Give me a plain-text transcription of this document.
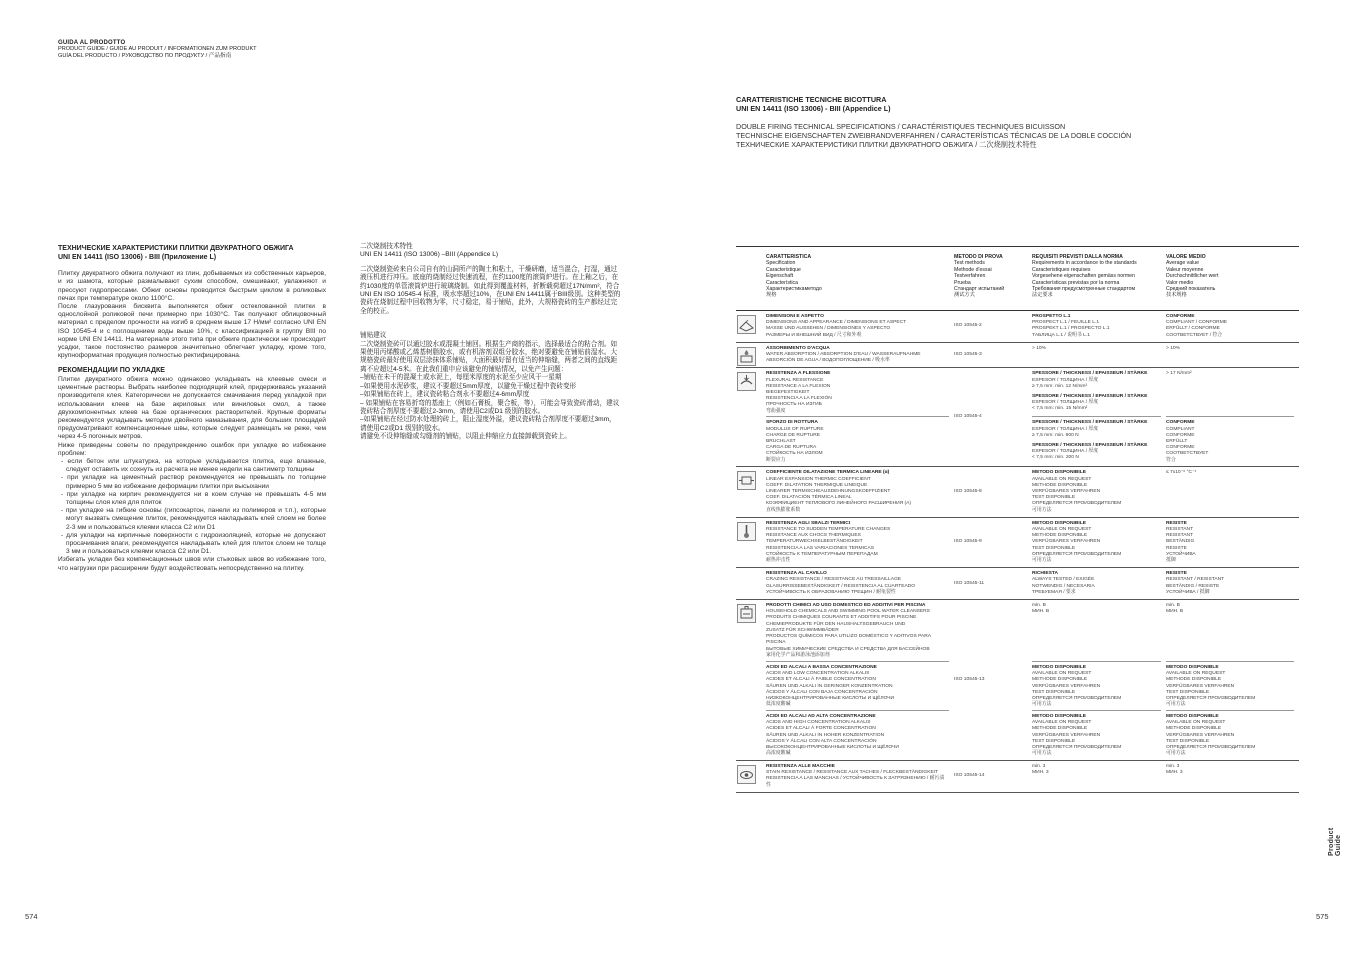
GUIDA AL PRODOTTO
PRODUCT GUIDE / GUIDE AU PRODUIT / INFORMATIONEN ZUM PRODUKT
GUÍA DEL PRODUCTO / РУКОВОДСТВО ПО ПРОДУКТУ / 产品指南
CARATTERISTICHE TECNICHE BICOTTURA
UNI EN 14411 (ISO 13006) - BIII (Appendice L)
DOUBLE FIRING TECHNICAL SPECIFICATIONS / CARACTÉRISTIQUES TECHNIQUES BICUISSON
TECHNISCHE EIGENSCHAFTEN ZWEIBRANDVERFAHREN / CARACTERÍSTICAS TÉCNICAS DE LA DOBLE COCCIÓN
ТЕХНИЧЕСКИЕ ХАРАКТЕРИСТИКИ ПЛИТКИ ДВУКРАТНОГО ОБЖИГА / 二次烧制技术特性
ТЕХНИЧЕСКИЕ ХАРАКТЕРИСТИКИ ПЛИТКИ ДВУКРАТНОГО ОБЖИГА
UNI EN 14411 (ISO 13006) - BIII (Приложение L)
Плитку двукратного обжига получают из глин, добываемых из собственных карьеров, и из шамота, которые размалывают сухим способом, смешивают, увлажняют и прессуют гидропрессами. Обжиг основы проводится быстрым циклом в роликовых печах при температуре около 1100°С.
После глазурования бисквита выполняется обжиг остеклованной плитки в однослойной роликовой печи примерно при 1030°С. Так получают облицовочный материал с пределом прочности на изгиб в среднем выше 17 Н/мм² согласно UNI EN ISO 10545-4 и с поглощением воды выше 10%, с классификацией в группу BIII по норме UNI EN 14411. На материале этого типа при обжиге практически не происходит усадки, такое постоянство размеров значительно облегчает укладку, кроме того, крупноформатная продукция полностью ректифицирована.
РЕКОМЕНДАЦИИ ПО УКЛАДКЕ
Плитки двукратного обжига можно одинаково укладывать на клеевые смеси и цементные растворы. Выбрать наиболее подходящий клей, придерживаясь указаний производителя клея. Категорически не допускается смачивания перед укладкой при использовании клеев на базе акриловых или виниловых смол, а также двухкомпонентных клеев на базе органических растворителей. Крупные форматы рекомендуется укладывать методом двойного намазывания, для больших площадей предусматривают компенсационные швы, которые следует размещать не реже, чем через 4-5 погонных метров.
Ниже приведены советы по предупреждению ошибок при укладке во избежание проблем:
- если бетон или штукатурка, на которые укладывается плитка, еще влажные, следует оставить их сохнуть из расчета не менее недели на сантиметр толщины
- при укладке на цементный раствор рекомендуется не превышать по толщине примерно 5 мм во избежание деформации плитки при высыхании
- при укладке на кирпич рекомендуется ни в коем случае не превышать 4-5 мм толщины слоя клея для плиток
- при укладке на гибкие основы (гипсокартон, панели из полимеров и т.п.), которые могут вызвать смещение плиток, рекомендуется накладывать клей слоем не более 2-3 мм и пользоваться клеями класса С2 или D1
- для укладки на кирпичные поверхности с гидроизоляцией, которые не допускают просачивания влаги, рекомендуется накладывать клей для плиток слоем не толще 3 мм и пользоваться клеями класса С2 или D1.
Избегать укладки без компенсационных швов или стыковых швов во избежание того, что нагрузки при расширении будут воздействовать непосредственно на плитку.
二次烧制技术特性
UNI EN 14411 (ISO 13006) –BIII (Appendice L)
二次烧制瓷砖来自公司自有的山洞所产的陶土和粘土，干燥研磨，适当混合，打湿，通过液压机进行冲压。底座的烧制经过快速流程，在约1100度的滚筒炉进行。在上釉之后，在约1030度的单管滚筒炉进行玻璃烧制。如此得到覆盖材料，折断载荷超过17N/mm²，符合UNI EN ISO 10545-4 标准，吸水率超过10%，在UNI EN 14411属于BIII级别。这种类型的瓷砖在烧制过程中回收物为零，尺寸稳定，易于铺贴，此外，大规格瓷砖的生产都经过完全的校正。
铺贴建议
二次烧制瓷砖可以通过胶水或混凝土铺回。根据生产商的指示，选择最适合的粘合剂。如果使用丙烯酸或乙烯基树脂胶水，或有机溶剂双组分胶水，绝对要避免在铺贴前湿水。大规格瓷砖最好使用双层涂抹体系铺贴，大面积最好留有适当的伸缩缝，两者之间的直线距离不应超过4-5米。在此我们重申应该避免的铺贴情况，以免产生问题：
–铺贴在未干的混凝土或水泥上，每厘米厚度的水泥至少应风干一星期
–如果使用水泥砂浆，建议不要超过5mm厚度，以避免干燥过程中瓷砖变形
–如果铺贴在砖上，建议瓷砖粘合剂永不要超过4-6mm厚度
– 如果铺贴在容易折弯的基座上（例如石膏板，聚合板，等），可能会导致瓷砖滑动，建议瓷砖粘合剂厚度不要超过2-3mm，请使用C2或D1 级别的胶水。
–如果铺贴在经过防水处理的砖上，阻止湿度外溢，建议瓷砖粘合剂厚度不要超过3mm，请使用C2或D1 级别的胶水。
请避免不设伸缩缝或勾缝剂的铺贴，以阻止伸缩应力直接卸载到瓷砖上。
CARATTERISTICA
Specification
Caracteristique
Eigenschaft
Característica
Характеристикаметодо
规格
METODO DI PROVA
Test methods
Methode d'essai
Testverfahren
Prueba
Стандарт испытаний
测试方式
REQUISITI PREVISTI DALLA NORMA
Requirements in accordance to the standards
Caracteristiques requises
Vorgesehene eigenschaften gemäss normen
Características previstas por la norma
Требования предусмотренные стандартом
法定要求
VALORE MEDIO
Average value
Valeur moyenne
Durchschnittlicher wert
Valor medio
Средний показатель
技术规格
DIMENSIONI E ASPETTO
DIMENSIONS AND APPEARANCE / DIMENSIONS ET ASPECT
MASSE UND AUSSEHEN / DIMENSIONES Y ASPECTO
РАЗМЕРЫ И ВНЕШНИЙ ВИД / 尺寸和外观
ISO 10545-2
PROSPETTO L.1
PROSPECT L.1 / FEUILLE L.1
PROSPEKT L.1 / PROSPECTO L.1
ТАБЛИЦА L.1 / 说明书 L.1
CONFORME
COMPLIANT / CONFORME
ERFÜLLT / CONFORME
СООТВЕТСТВУЕТ / 符合
ASSORBIMENTO D'ACQUA
WATER ABSORPTION / ABSORPTION D'EAU / WASSERAUFNAHME
ABSORCIÓN DE AGUA / ВОДОПОГЛОЩЕНИЕ / 吸水率
ISO 10545-3
> 10%	> 10%
RESISTENZA A FLESSIONE
FLEXURAL RESISTANCE
RESISTANCE A LA FLEXION
BIEGEFESTIGKEIT
RESISTENCIA A LA FLEXIÓN
ПРОЧНОСТЬ НА ИЗГИБ
弯曲强度
SFORZO DI ROTTURA
MODULUS OF RUPTURE
CHARGE DE RUPTURE
BRUCHLAST
CARGA DE RUPTURA
СТОЙКОСТЬ НА ИЗЛОМ
断裂应力
ISO 10545-4
SPESSORE / THICKNESS / EPAISSEUR / STÄRKE
ESPESOR / ТОЛЩИНА / 厚度
≥ 7,5 mm: min. 12 N/mm²
SPESSORE / THICKNESS / EPAISSEUR / STÄRKE
ESPESOR / ТОЛЩИНА / 厚度
< 7,5 mm: min. 15 N/mm²
SPESSORE / THICKNESS / EPAISSEUR / STÄRKE
ESPESOR / ТОЛЩИНА / 厚度
≥ 7,5 mm: min. 600 N
SPESSORE / THICKNESS / EPAISSEUR / STÄRKE
ESPESOR / ТОЛЩИНА / 厚度
< 7,5 mm: min. 200 N
> 17 N/mm²
CONFORME
COMPLIANT
CONFORME
ERFÜLLT
CONFORME
СООТВЕТСТВУЕТ
符合
COEFFICIENTE DILATAZIONE TERMICA LINEARE (α)
LINEAR EXPANSION THERMIC COEFFICIENT
COEFF. DILATATION THERMIQUE LINEIQUE
LINEARER TERMISCHEAUSDEHNUNGSKOEFFIZIENT
COEF. DILATACIÓN TÉRMICA LINEAL
КОЭФФИЦИЕНТ ТЕПЛОВОГО ЛИНЕЙНОГО РАСШИРЕНИЯ (Α)
直线热膨胀系数
ISO 10545-8
METODO DISPONIBILE
AVAILABLE ON REQUEST
METHODE DISPONIBLE
VERFÜGBARES VERFAHREN
TEST DISPONIBLE
ОПРЕДЕЛЯЕТСЯ ПРОИЗВОДИТЕЛЕМ
可用方法
≤ 7x10⁻⁶ °C⁻¹
RESISTENZA AGLI SBALZI TERMICI
RESISTANCE TO SUDDEN TEMPERATURE CHANGES
RESISTANCE AUX CHOCS THERMIQUES
TEMPERATURWECHSELBESTÄNDIGKEIT
RESISTENCIA A LAS VARIACIONES TERMICAS
СТОЙКОСТЬ К ТЕМПЕРАТУРНЫМ ПЕРЕПАДАМ
耐热冲击性
ISO 10545-9
METODO DISPONIBILE
AVAILABLE ON REQUEST
METHODE DISPONIBLE
VERFÜGBARES VERFAHREN
TEST DISPONIBLE
ОПРЕДЕЛЯЕТСЯ ПРОИЗВОДИТЕЛЕМ
可用方法
RESISTE
RESISTANT
RESISTANT
BESTÄNDIG
RESISTE
УСТОЙЧИВА
抵御
RESISTENZA AL CAVILLO
CRAZING RESISTANCE / RESISTANCE AU TRESSAILLAGE
GLASURRISSEBESTÄNDIGKEIT / RESISTENCIA AL CUARTEADO
УСТОЙЧИВОСТЬ К ОБРАЗОВАНИЮ ТРЕЩИН / 耐龟裂性
ISO 10545-11
RICHIESTA
ALWAYS TESTED / EXIGÉE
NOTWENDIG / NECESARIA
ТРЕБУЕМАЯ / 要求
RESISTE
RESISTANT / RESISTANT
BESTÄNDIG / RESISTE
УСТОЙЧИВА / 抵御
PRODOTTI CHIMICI AD USO DOMESTICO ED ADDITIVI PER PISCINA
HOUSEHOLD CHEMICALS AND SWIMMING POOL WATER CLEANSERS
PRODUITS CHIMIQUES COURANTS ET ADDITIFS POUR PISCINE
CHEMIEPRODUKTE FÜR DEN HAUSHALTSGEBRAUCH UND
ZUSATZ FÜR SCHWIMMBÄDER
PRODUCTOS QUÍMICOS PARA UTILIZO DOMÉSTICO Y ADITIVOS PARA
PISCINA
БЫТОВЫЕ ХИМИЧЕСКИЕ СРЕДСТВА И СРЕДСТВА ДЛЯ БАССЕЙНОВ
家用化学产品和游泳池添加剂
ACIDI ED ALCALI A BASSA CONCENTRAZIONE
ACIDS AND LOW CONCENTRATION ALKALIS
ACIDES ET ALCALI À FAIBLE CONCENTRATION
SÄUREN UND ALKALI IN GERINGER KONZENTRATION
ÁCIDOS Y ÁLCALI CON BAJA CONCENTRACIÓN
НИЗКОКОНЦЕНТРИРОВАННЫЕ КИСЛОТЫ И ЩЁЛОЧИ
低浓度酸碱
ACIDI ED ALCALI AD ALTA CONCENTRAZIONE
ACIDS AND HIGH CONCENTRATION ALKALIS
ACIDES ET ALCALI À FORTE CONCENTRATION
SÄUREN UND ALKALI IN HOHER KONZENTRATION
ÁCIDOS Y ÁLCALI CON ALTA CONCENTRACIÓN
ВЫСОКОКОНЦЕНТРИРОВАННЫЕ КИСЛОТЫ И ЩЁЛОЧИ
高浓度酸碱
ISO 10545-13
min. B
МИН. B
METODO DISPONIBILE
AVAILABLE ON REQUEST
METHODE DISPONIBLE
VERFÜGBARES VERFAHREN
TEST DISPONIBLE
ОПРЕДЕЛЯЕТСЯ ПРОИЗВОДИТЕЛЕМ
可用方法
METODO DISPONIBILE
AVAILABLE ON REQUEST
METHODE DISPONIBLE
VERFÜGBARES VERFAHREN
TEST DISPONIBLE
ОПРЕДЕЛЯЕТСЯ ПРОИЗВОДИТЕЛЕМ
可用方法
min. B
МИН. B
METODO DISPONIBLE
AVAILABLE ON REQUEST
METHODE DISPONIBLE
VERFÜGBARES VERFAHREN
TEST DISPONIBLE
ОПРЕДЕЛЯЕТСЯ ПРОИЗВОДИТЕЛЕМ
可用方法
METODO DISPONIBLE
AVAILABLE ON REQUEST
METHODE DISPONIBLE
VERFÜGBARES VERFAHREN
TEST DISPONIBLE
ОПРЕДЕЛЯЕТСЯ ПРОИЗВОДИТЕЛЕМ
可用方法
RESISTENZA ALLE MACCHIE
STAIN RESISTANCE / RESISTANCE AUX TACHES / FLECKBESTÄNDIGKEIT
RESISTENCIA A LAS MANCHAS / УСТОЙЧИВОСТЬ К ЗАГРЯЗНЕНИЮ / 耐污渍性
ISO 10545-14
min. 3
МИН. 3
min. 3
МИН. 3
574	575
Product Guide
